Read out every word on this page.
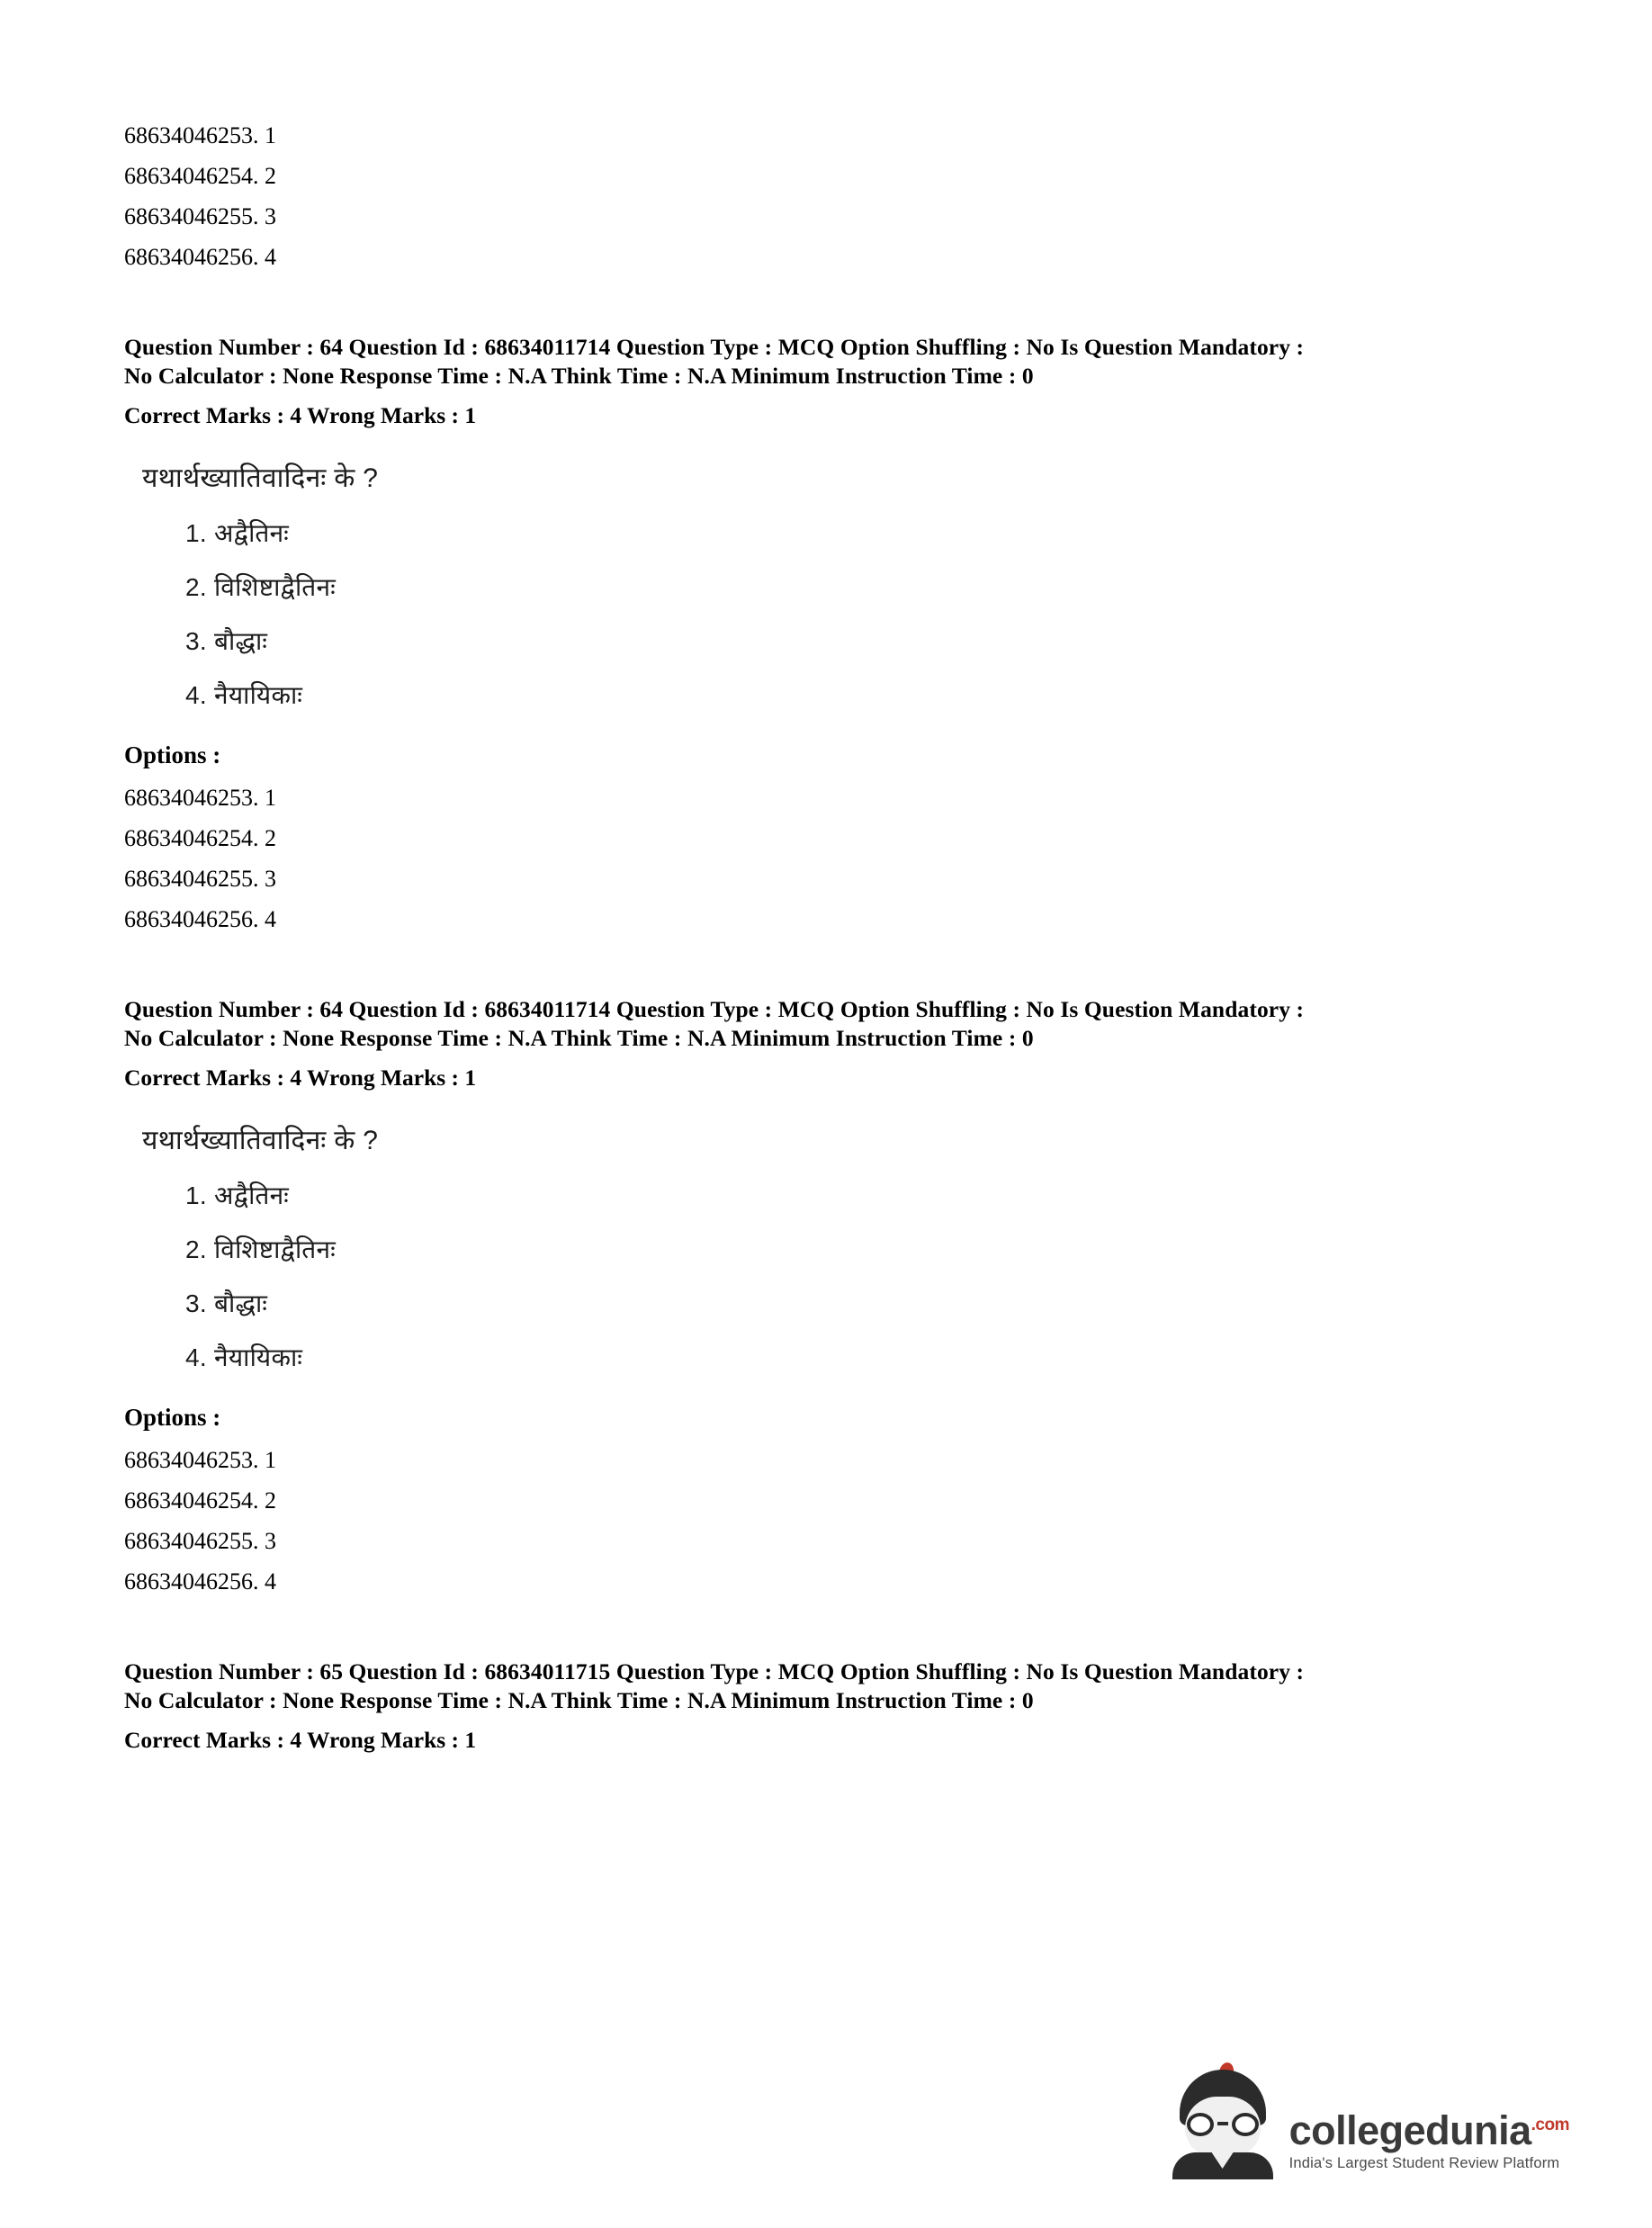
68634046253. 1
68634046254. 2
68634046255. 3
68634046256. 4
Question Number : 64 Question Id : 68634011714 Question Type : MCQ Option Shuffling : No Is Question Mandatory :
No Calculator : None Response Time : N.A Think Time : N.A Minimum Instruction Time : 0
Correct Marks : 4 Wrong Marks : 1
यथार्थख्यातिवादिनः के ?
1. अद्वैतिनः
2. विशिष्टाद्वैतिनः
3. बौद्धाः
4. नैयायिकाः
Options :
68634046253. 1
68634046254. 2
68634046255. 3
68634046256. 4
Question Number : 64 Question Id : 68634011714 Question Type : MCQ Option Shuffling : No Is Question Mandatory :
No Calculator : None Response Time : N.A Think Time : N.A Minimum Instruction Time : 0
Correct Marks : 4 Wrong Marks : 1
यथार्थख्यातिवादिनः के ?
1. अद्वैतिनः
2. विशिष्टाद्वैतिनः
3. बौद्धाः
4. नैयायिकाः
Options :
68634046253. 1
68634046254. 2
68634046255. 3
68634046256. 4
Question Number : 65 Question Id : 68634011715 Question Type : MCQ Option Shuffling : No Is Question Mandatory :
No Calculator : None Response Time : N.A Think Time : N.A Minimum Instruction Time : 0
Correct Marks : 4 Wrong Marks : 1
collegedunia$^{.com}$
India's Largest Student Review Platform
